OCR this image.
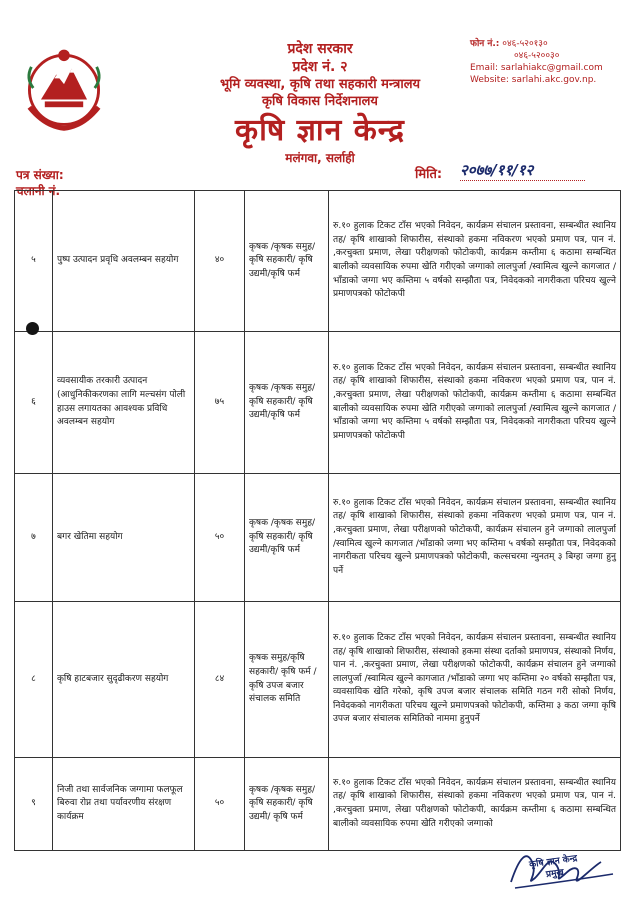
प्रदेश सरकार
प्रदेश नं. २
भूमि व्यवस्था, कृषि तथा सहकारी मन्त्रालय
कृषि विकास निर्देशनालय
कृषि ज्ञान केन्द्र
मलंगवा, सर्लाही
फोन नं.: ०४६-५२०१३०
०४६-५२००३०
Email: sarlahiakc@gmail.com
Website: sarlahi.akc.gov.np.
पत्र संख्या:
चलानी नं.
मिति: २०७७/११/१२
५	पुष्प उत्पादन प्रवृधि अवलम्बन सहयोग	४०	कृषक /कृषक समुह/कृषि सहकारी/ कृषि उद्यमी/कृषि फर्म	रु.१० हुलाक टिकट टाँस भएको निवेदन, कार्यक्रम संचालन प्रस्तावना, सम्बन्धीत स्थानिय तह/ कृषि शाखाको शिफारीस, संस्थाको हकमा नविकरण भएको प्रमाण पत्र, पान नं. ,करचुक्ता प्रमाण, लेखा परीक्षणको फोटोकपी, कार्यक्रम कम्तीमा ६ कठामा सम्बन्धित बालीको व्यवसायिक रुपमा खेति गरीएको जग्गाको लालपुर्जा /स्वामित्व खुल्ने कागजात /भाँडाको जग्गा भए कम्तिमा ५ वर्षको सम्झौता पत्र, निवेदकको नागरीकता परिचय खुल्ने प्रमाणपत्रको फोटोकपी
६	व्यवसायीक तरकारी उत्पादन (आधुनिकीकरणका लागि मल्चसंग पोली हाउस लगायतका आवश्यक प्रविधि अवलम्बन सहयोग	७५	कृषक /कृषक समुह/कृषि सहकारी/ कृषि उद्यमी/कृषि फर्म	रु.१० हुलाक टिकट टाँस भएको निवेदन, कार्यक्रम संचालन प्रस्तावना, सम्बन्धीत स्थानिय तह/ कृषि शाखाको शिफारीस, संस्थाको हकमा नविकरण भएको प्रमाण पत्र, पान नं. ,करचुक्ता प्रमाण, लेखा परीक्षणको फोटोकपी, कार्यक्रम कम्तीमा ६ कठामा सम्बन्धित बालीको व्यवसायिक रुपमा खेति गरीएको जग्गाको लालपुर्जा /स्वामित्व खुल्ने कागजात /भाँडाको जग्गा भए कम्तिमा ५ वर्षको सम्झौता पत्र, निवेदकको नागरीकता परिचय खुल्ने प्रमाणपत्रको फोटोकपी
७	बगर खेतिमा सहयोग	५०	कृषक /कृषक समुह/कृषि सहकारी/ कृषि उद्यमी/कृषि फर्म	रु.१० हुलाक टिकट टाँस भएको निवेदन, कार्यक्रम संचालन प्रस्तावना, सम्बन्धीत स्थानिय तह/ कृषि शाखाको शिफारीस, संस्थाको हकमा नविकरण भएको प्रमाण पत्र, पान नं. ,करचुक्ता प्रमाण, लेखा परीक्षणको फोटोकपी, कार्यक्रम संचालन हुने जग्गाको लालपुर्जा /स्वामित्व खुल्ने कागजात /भाँडाको जग्गा भए कम्तिमा ५ वर्षको सम्झौता पत्र, निवेदकको नागरीकता परिचय खुल्ने प्रमाणपत्रको फोटोकपी, कल्सचरमा न्युनतम् ३ बिग्हा जग्गा हुनु पर्ने
८	कृषि हाटबजार सुदृढीकरण सहयोग	८४	कृषक समुह/कृषि सहकारी/ कृषि फर्म /कृषि उपज बजार संचालक समिति	रु.१० हुलाक टिकट टाँस भएको निवेदन, कार्यक्रम संचालन प्रस्तावना, सम्बन्धीत स्थानिय तह/ कृषि शाखाको शिफारीस, संस्थाको हकमा संस्था दर्ताको प्रमाणपत्र, संस्थाको निर्णय, पान नं. ,करचुक्ता प्रमाण, लेखा परीक्षणको फोटोकपी, कार्यक्रम संचालन हुने जग्गाको लालपुर्जा /स्वामित्व खुल्ने कागजात /भाँडाको जग्गा भए कम्तिमा २० वर्षको सम्झौता पत्र, व्यवसायिक खेति गरेको, कृषि उपज बजार संचालक समिति गठन गरी सोको निर्णय, निवेदकको नागरीकता परिचय खुल्ने प्रमाणपत्रको फोटोकपी, कम्तिमा ३ कठा जग्गा कृषि उपज बजार संचालक समितिको नाममा हुनुपर्ने
९	निजी तथा सार्वजनिक जग्गामा फलफूल बिरुवा रोप्न तथा पर्यावरणीय संरक्षण कार्यक्रम	५०	कृषक /कृषक समुह/कृषि सहकारी/ कृषि उद्यमी/ कृषि फर्म	रु.१० हुलाक टिकट टाँस भएको निवेदन, कार्यक्रम संचालन प्रस्तावना, सम्बन्धीत स्थानिय तह/ कृषि शाखाको शिफारीस, संस्थाको हकमा नविकरण भएको प्रमाण पत्र, पान नं. ,करचुक्ता प्रमाण, लेखा परीक्षणको फोटोकपी, कार्यक्रम कम्तीमा ६ कठामा सम्बन्धित बालीको व्यवसायिक रुपमा खेति गरीएको जग्गाको
कृषि ज्ञान केन्द्र
प्रमुख
